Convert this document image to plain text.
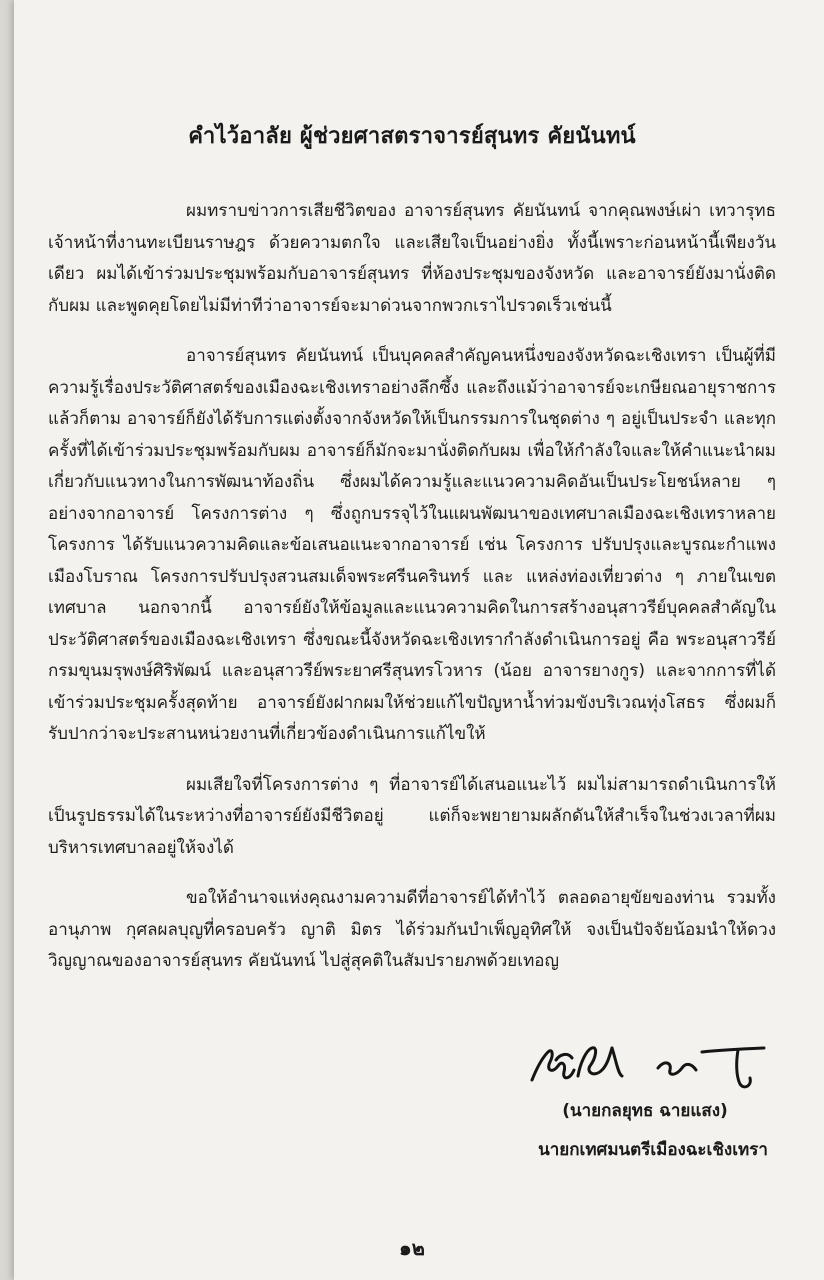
คำไว้อาลัย ผู้ช่วยศาสตราจารย์สุนทร คัยนันทน์

ผมทราบข่าวการเสียชีวิตของ อาจารย์สุนทร คัยนันทน์ จากคุณพงษ์เผ่า เทวารุทธ เจ้าหน้าที่งานทะเบียนราษฎร ด้วยความตกใจ และเสียใจเป็นอย่างยิ่ง ทั้งนี้เพราะก่อนหน้านี้เพียงวันเดียว ผมได้เข้าร่วมประชุมพร้อมกับอาจารย์สุนทร ที่ห้องประชุมของจังหวัด และอาจารย์ยังมานั่งติดกับผม และพูดคุยโดยไม่มีท่าทีว่าอาจารย์จะมาด่วนจากพวกเราไปรวดเร็วเช่นนี้

อาจารย์สุนทร คัยนันทน์ เป็นบุคคลสำคัญคนหนึ่งของจังหวัดฉะเชิงเทรา เป็นผู้ที่มีความรู้เรื่องประวัติศาสตร์ของเมืองฉะเชิงเทราอย่างลึกซึ้ง และถึงแม้ว่าอาจารย์จะเกษียณอายุราชการแล้วก็ตาม อาจารย์ก็ยังได้รับการแต่งตั้งจากจังหวัดให้เป็นกรรมการในชุดต่าง ๆ อยู่เป็นประจำ และทุกครั้งที่ได้เข้าร่วมประชุมพร้อมกับผม อาจารย์ก็มักจะมานั่งติดกับผม เพื่อให้กำลังใจและให้คำแนะนำผมเกี่ยวกับแนวทางในการพัฒนาท้องถิ่น ซึ่งผมได้ความรู้และแนวความคิดอันเป็นประโยชน์หลาย ๆ อย่างจากอาจารย์ โครงการต่าง ๆ ซึ่งถูกบรรจุไว้ในแผนพัฒนาของเทศบาลเมืองฉะเชิงเทราหลายโครงการ ได้รับแนวความคิดและข้อเสนอแนะจากอาจารย์ เช่น โครงการ ปรับปรุงและบูรณะกำแพงเมืองโบราณ โครงการปรับปรุงสวนสมเด็จพระศรีนครินทร์ และ แหล่งท่องเที่ยวต่าง ๆ ภายในเขตเทศบาล นอกจากนี้ อาจารย์ยังให้ข้อมูลและแนวความคิดในการสร้างอนุสาวรีย์บุคคลสำคัญในประวัติศาสตร์ของเมืองฉะเชิงเทรา ซึ่งขณะนี้จังหวัดฉะเชิงเทรากำลังดำเนินการอยู่ คือ พระอนุสาวรีย์กรมขุนมรุพงษ์ศิริพัฒน์ และอนุสาวรีย์พระยาศรีสุนทรโวหาร (น้อย อาจารยางกูร) และจากการที่ได้เข้าร่วมประชุมครั้งสุดท้าย อาจารย์ยังฝากผมให้ช่วยแก้ไขปัญหาน้ำท่วมขังบริเวณทุ่งโสธร ซึ่งผมก็รับปากว่าจะประสานหน่วยงานที่เกี่ยวข้องดำเนินการแก้ไขให้

ผมเสียใจที่โครงการต่าง ๆ ที่อาจารย์ได้เสนอแนะไว้ ผมไม่สามารถดำเนินการให้เป็นรูปธรรมได้ในระหว่างที่อาจารย์ยังมีชีวิตอยู่ แต่ก็จะพยายามผลักดันให้สำเร็จในช่วงเวลาที่ผมบริหารเทศบาลอยู่ให้จงได้

ขอให้อำนาจแห่งคุณงามความดีที่อาจารย์ได้ทำไว้ ตลอดอายุขัยของท่าน รวมทั้งอานุภาพ กุศลผลบุญที่ครอบครัว ญาติ มิตร ได้ร่วมกันบำเพ็ญอุทิศให้ จงเป็นปัจจัยน้อมนำให้ดวงวิญญาณของอาจารย์สุนทร คัยนันทน์ ไปสู่สุคติในสัมปรายภพด้วยเทอญ

(นายกลยุทธ ฉายแสง)
นายกเทศมนตรีเมืองฉะเชิงเทรา
๑๒
